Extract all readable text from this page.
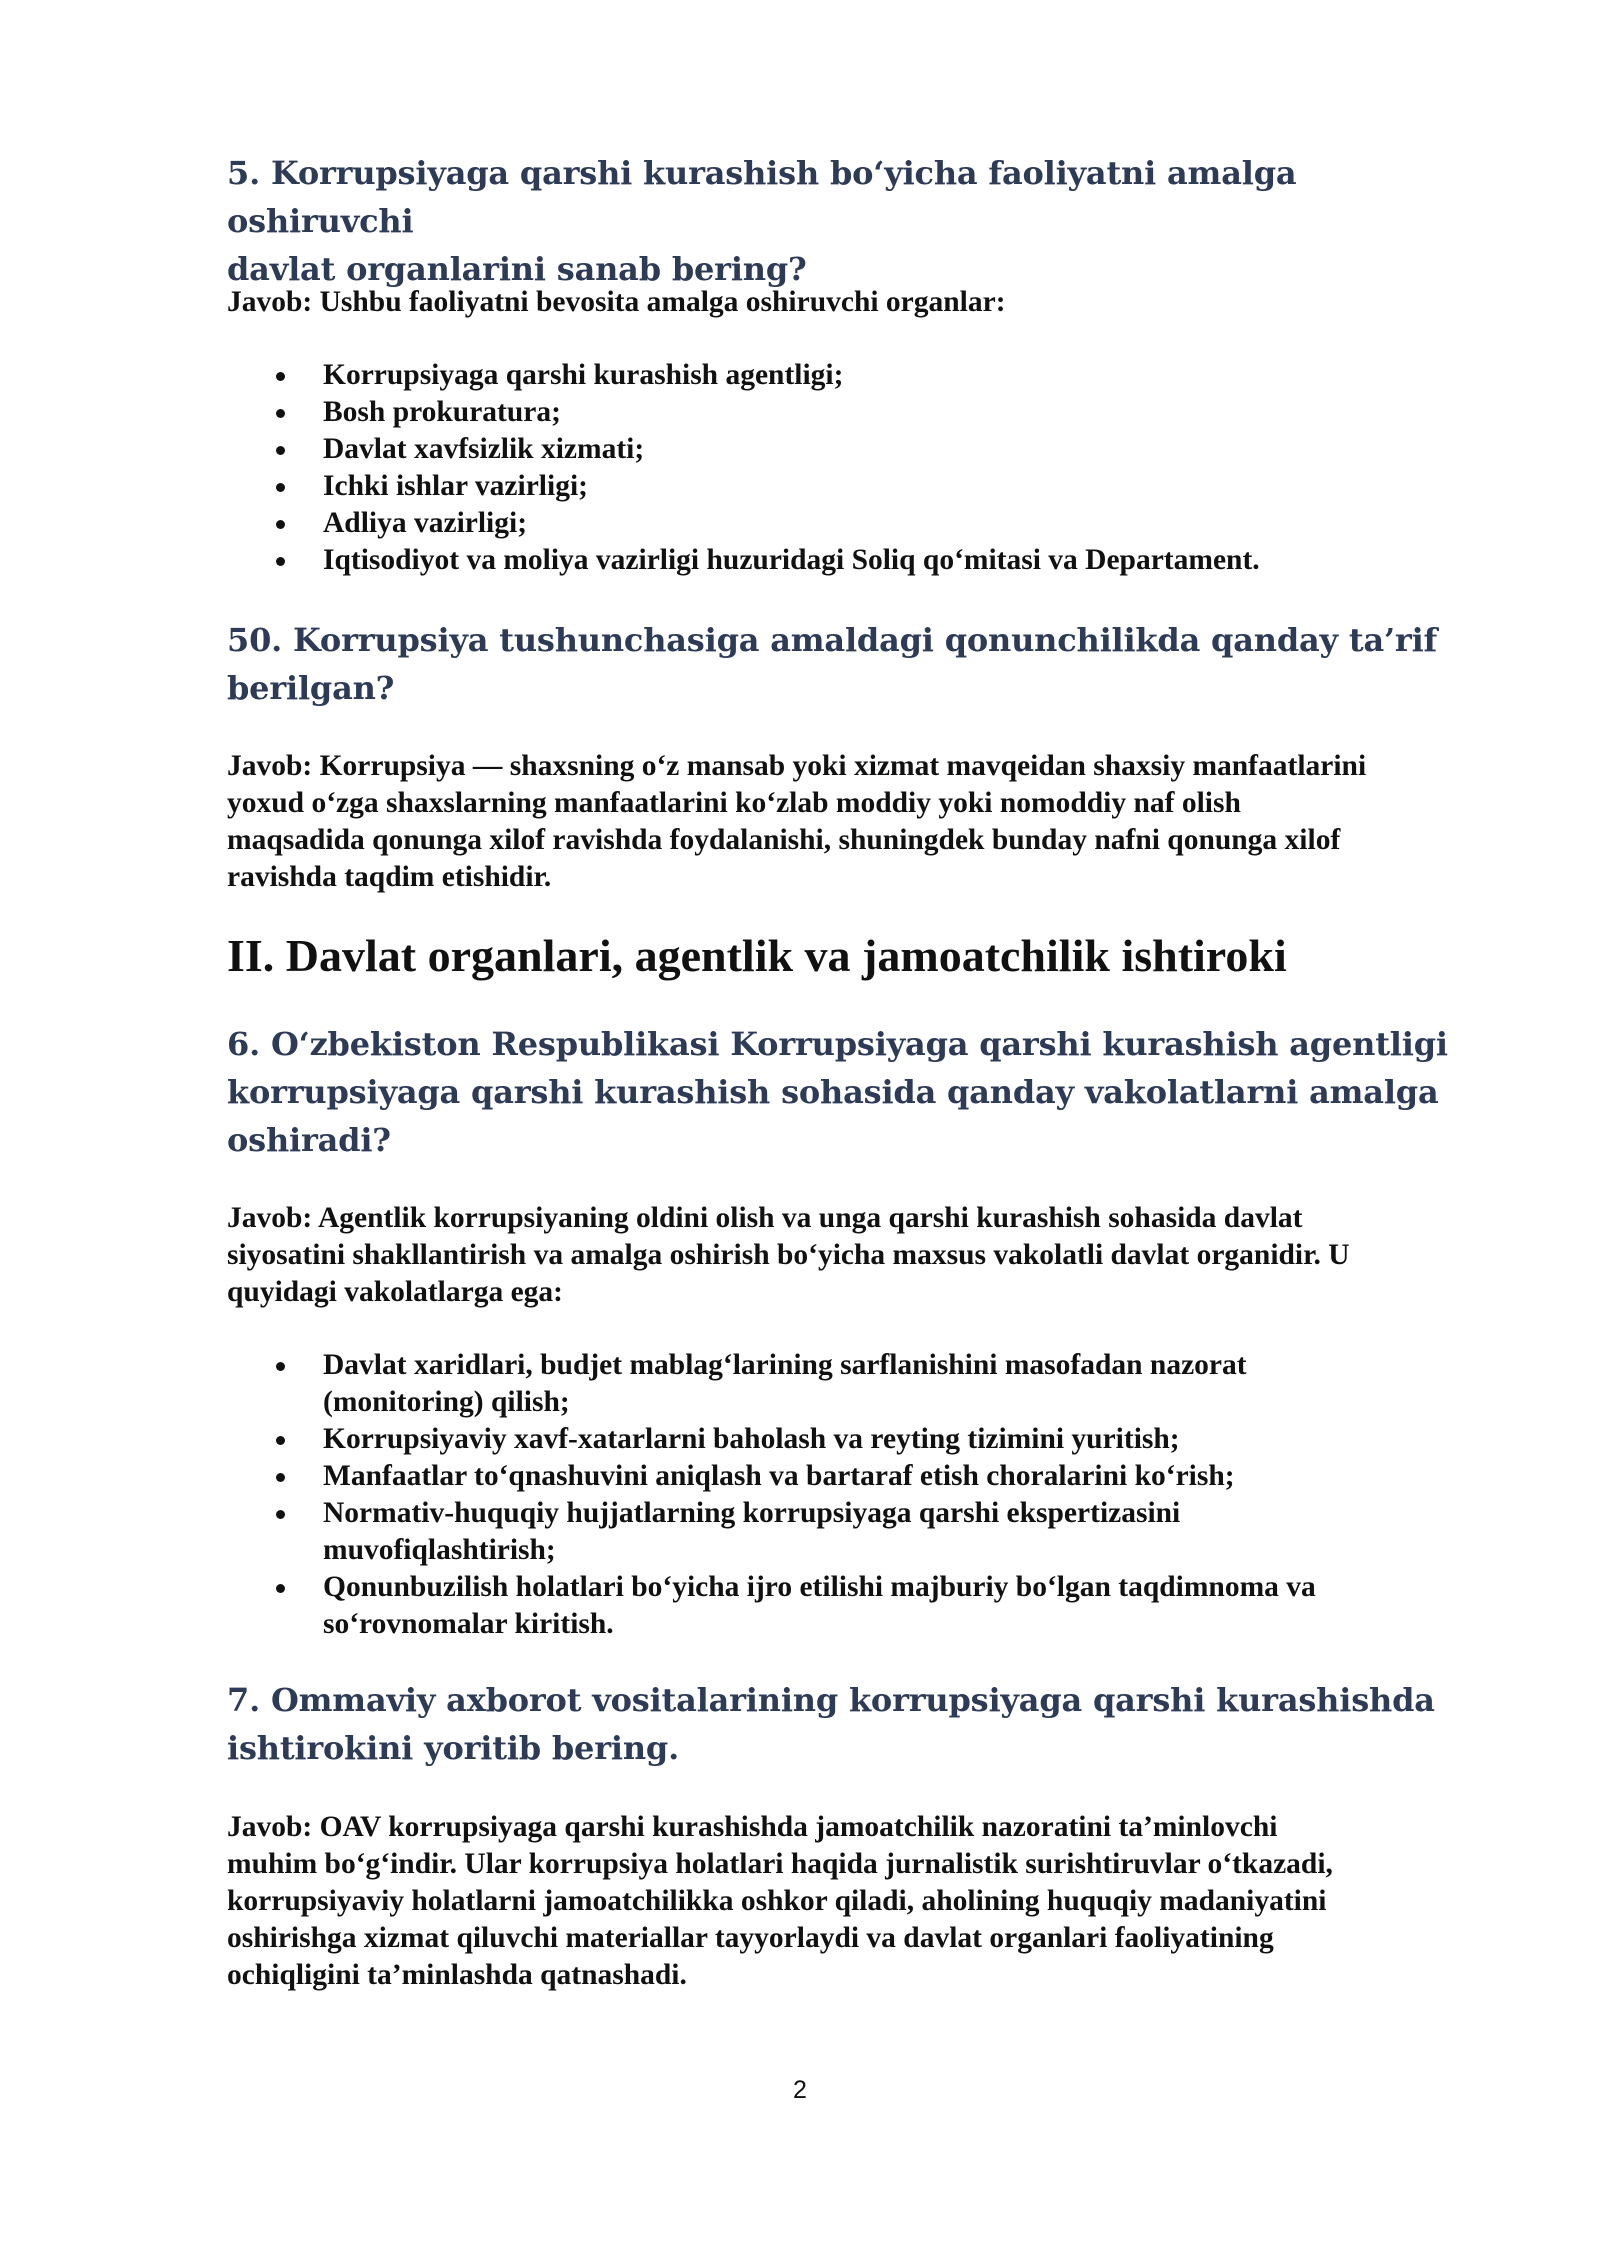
5. Korrupsiyaga qarshi kurashish bo‘yicha faoliyatni amalga oshiruvchi
davlat organlarini sanab bering?

Javob: Ushbu faoliyatni bevosita amalga oshiruvchi organlar:

Korrupsiyaga qarshi kurashish agentligi;
Bosh prokuratura;
Davlat xavfsizlik xizmati;
Ichki ishlar vazirligi;
Adliya vazirligi;
Iqtisodiyot va moliya vazirligi huzuridagi Soliq qo‘mitasi va Departament.

50. Korrupsiya tushunchasiga amaldagi qonunchilikda qanday ta’rif
berilgan?

Javob: Korrupsiya — shaxsning o‘z mansab yoki xizmat mavqeidan shaxsiy manfaatlarini
yoxud o‘zga shaxslarning manfaatlarini ko‘zlab moddiy yoki nomoddiy naf olish
maqsadida qonunga xilof ravishda foydalanishi, shuningdek bunday nafni qonunga xilof
ravishda taqdim etishidir.

II. Davlat organlari, agentlik va jamoatchilik ishtiroki

6. O‘zbekiston Respublikasi Korrupsiyaga qarshi kurashish agentligi
korrupsiyaga qarshi kurashish sohasida qanday vakolatlarni amalga
oshiradi?

Javob: Agentlik korrupsiyaning oldini olish va unga qarshi kurashish sohasida davlat
siyosatini shakllantirish va amalga oshirish bo‘yicha maxsus vakolatli davlat organidir. U
quyidagi vakolatlarga ega:

Davlat xaridlari, budjet mablag‘larining sarflanishini masofadan nazorat
(monitoring) qilish;
Korrupsiyaviy xavf-xatarlarni baholash va reyting tizimini yuritish;
Manfaatlar to‘qnashuvini aniqlash va bartaraf etish choralarini ko‘rish;
Normativ-huquqiy hujjatlarning korrupsiyaga qarshi ekspertizasini
muvofiqlashtirish;
Qonunbuzilish holatlari bo‘yicha ijro etilishi majburiy bo‘lgan taqdimnoma va
so‘rovnomalar kiritish.

7. Ommaviy axborot vositalarining korrupsiyaga qarshi kurashishda
ishtirokini yoritib bering.

Javob: OAV korrupsiyaga qarshi kurashishda jamoatchilik nazoratini ta’minlovchi
muhim bo‘g‘indir. Ular korrupsiya holatlari haqida jurnalistik surishtiruvlar o‘tkazadi,
korrupsiyaviy holatlarni jamoatchilikka oshkor qiladi, aholining huquqiy madaniyatini
oshirishga xizmat qiluvchi materiallar tayyorlaydi va davlat organlari faoliyatining
ochiqligini ta’minlashda qatnashadi.

2
